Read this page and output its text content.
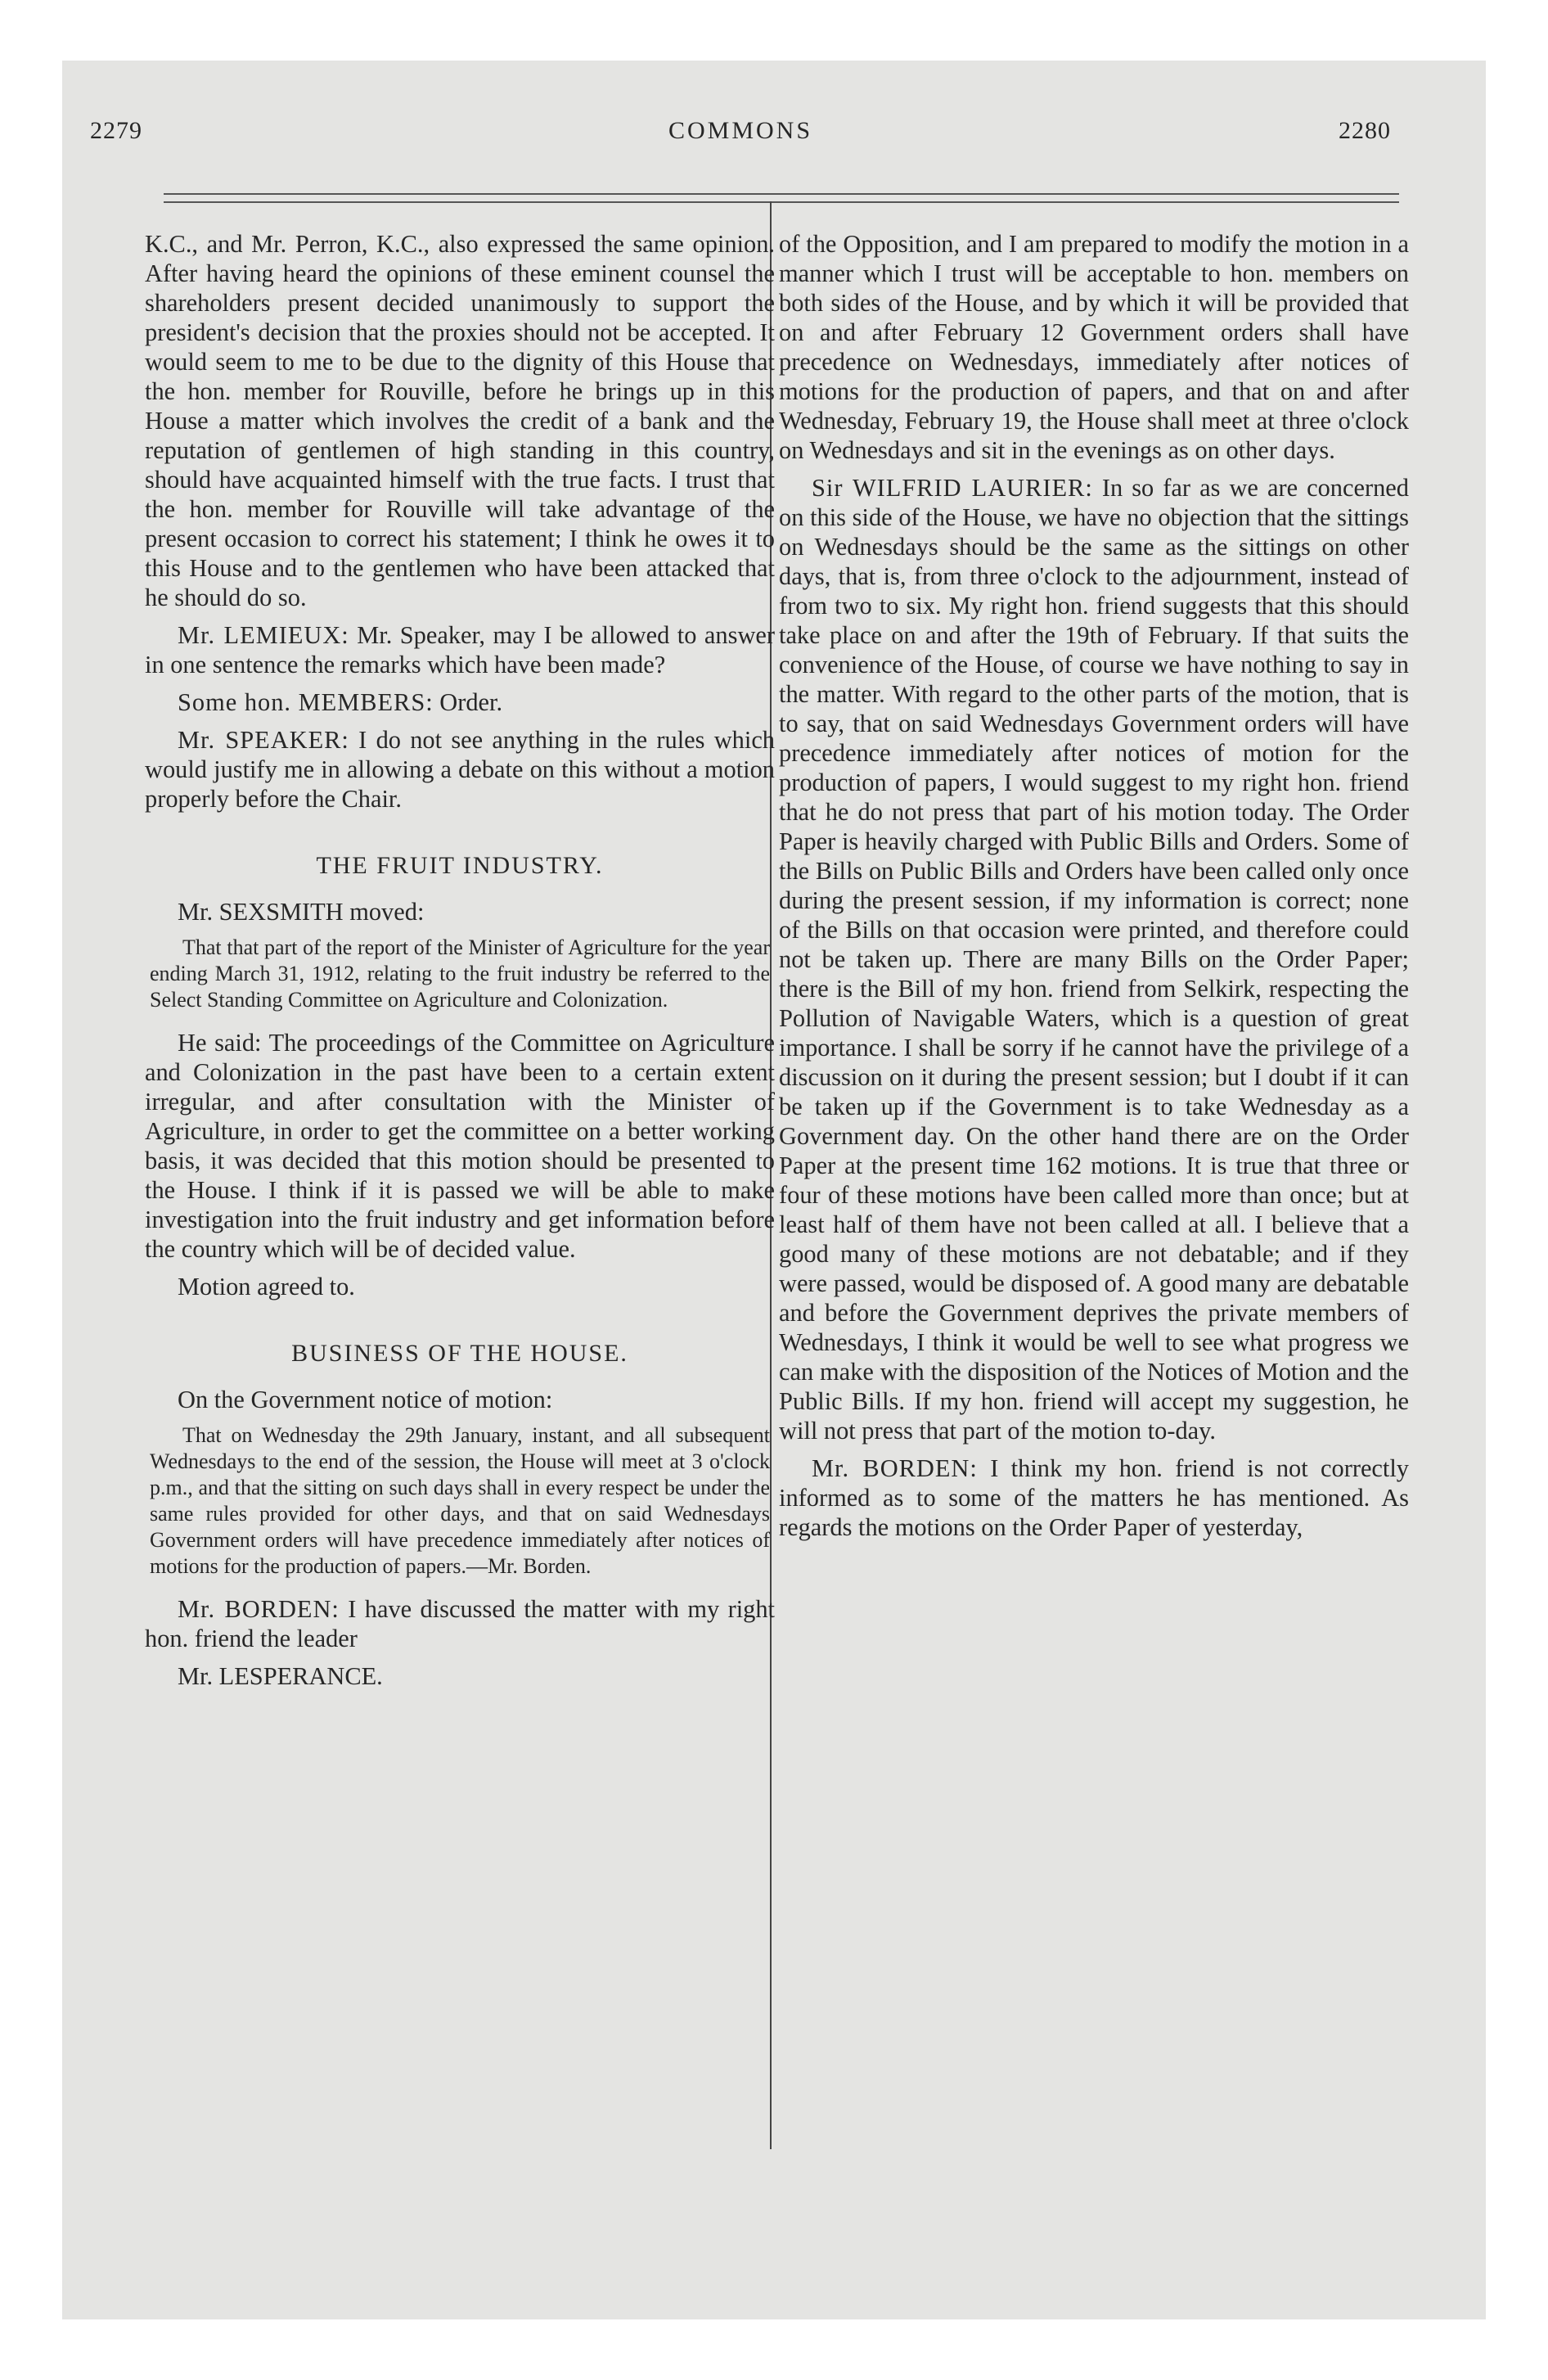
2279	COMMONS	2280

K.C., and Mr. Perron, K.C., also expressed the same opinion. After having heard the opinions of these eminent counsel the shareholders present decided unanimously to support the president's decision that the proxies should not be accepted. It would seem to me to be due to the dignity of this House that the hon. member for Rouville, before he brings up in this House a matter which involves the credit of a bank and the reputation of gentlemen of high standing in this country, should have acquainted himself with the true facts. I trust that the hon. member for Rouville will take advantage of the present occasion to correct his statement; I think he owes it to this House and to the gentlemen who have been attacked that he should do so.

Mr. LEMIEUX: Mr. Speaker, may I be allowed to answer in one sentence the remarks which have been made?

Some hon. MEMBERS: Order.

Mr. SPEAKER: I do not see anything in the rules which would justify me in allowing a debate on this without a motion properly before the Chair.

THE FRUIT INDUSTRY.

Mr. SEXSMITH moved:

That that part of the report of the Minister of Agriculture for the year ending March 31, 1912, relating to the fruit industry be referred to the Select Standing Committee on Agriculture and Colonization.

He said: The proceedings of the Committee on Agriculture and Colonization in the past have been to a certain extent irregular, and after consultation with the Minister of Agriculture, in order to get the committee on a better working basis, it was decided that this motion should be presented to the House. I think if it is passed we will be able to make investigation into the fruit industry and get information before the country which will be of decided value.

Motion agreed to.

BUSINESS OF THE HOUSE.

On the Government notice of motion:

That on Wednesday the 29th January, instant, and all subsequent Wednesdays to the end of the session, the House will meet at 3 o'clock p.m., and that the sitting on such days shall in every respect be under the same rules provided for other days, and that on said Wednesdays Government orders will have precedence immediately after notices of motions for the production of papers.—Mr. Borden.

Mr. BORDEN: I have discussed the matter with my right hon. friend the leader

Mr. LESPERANCE.

of the Opposition, and I am prepared to modify the motion in a manner which I trust will be acceptable to hon. members on both sides of the House, and by which it will be provided that on and after February 12 Government orders shall have precedence on Wednesdays, immediately after notices of motions for the production of papers, and that on and after Wednesday, February 19, the House shall meet at three o'clock on Wednesdays and sit in the evenings as on other days.

Sir WILFRID LAURIER: In so far as we are concerned on this side of the House, we have no objection that the sittings on Wednesdays should be the same as the sittings on other days, that is, from three o'clock to the adjournment, instead of from two to six. My right hon. friend suggests that this should take place on and after the 19th of February. If that suits the convenience of the House, of course we have nothing to say in the matter. With regard to the other parts of the motion, that is to say, that on said Wednesdays Government orders will have precedence immediately after notices of motion for the production of papers, I would suggest to my right hon. friend that he do not press that part of his motion today. The Order Paper is heavily charged with Public Bills and Orders. Some of the Bills on Public Bills and Orders have been called only once during the present session, if my information is correct; none of the Bills on that occasion were printed, and therefore could not be taken up. There are many Bills on the Order Paper; there is the Bill of my hon. friend from Selkirk, respecting the Pollution of Navigable Waters, which is a question of great importance. I shall be sorry if he cannot have the privilege of a discussion on it during the present session; but I doubt if it can be taken up if the Government is to take Wednesday as a Government day. On the other hand there are on the Order Paper at the present time 162 motions. It is true that three or four of these motions have been called more than once; but at least half of them have not been called at all. I believe that a good many of these motions are not debatable; and if they were passed, would be disposed of. A good many are debatable and before the Government deprives the private members of Wednesdays, I think it would be well to see what progress we can make with the disposition of the Notices of Motion and the Public Bills. If my hon. friend will accept my suggestion, he will not press that part of the motion to-day.

Mr. BORDEN: I think my hon. friend is not correctly informed as to some of the matters he has mentioned. As regards the motions on the Order Paper of yesterday,
